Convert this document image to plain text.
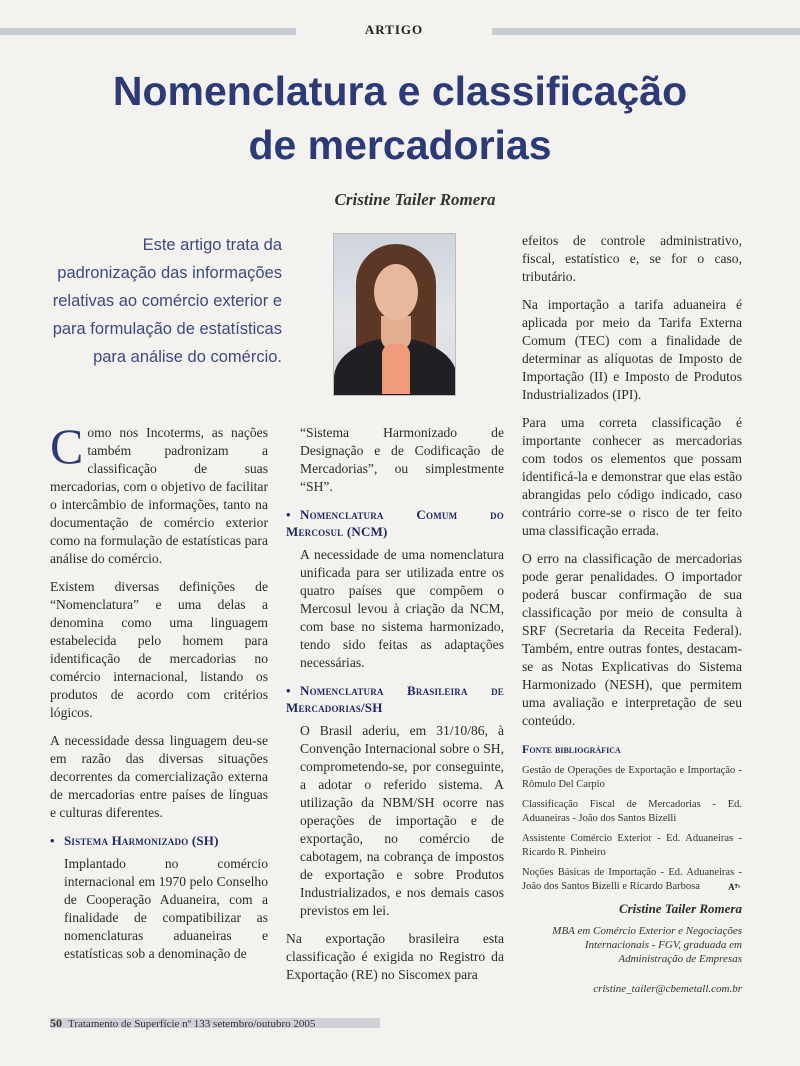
ARTIGO
Nomenclatura e classificação
de mercadorias
Cristine Tailer Romera
Este artigo trata da padronização das informações relativas ao comércio exterior e para formulação de estatísticas para análise do comércio.

Como nos Incoterms, as nações também padronizam a classificação de suas mercadorias, com o objetivo de facilitar o intercâmbio de informações, tanto na documentação de comércio exterior como na formulação de estatísticas para análise do comércio.

Existem diversas definições de “Nomenclatura” e uma delas a denomina como uma linguagem estabelecida pelo homem para identificação de mercadorias no comércio internacional, listando os produtos de acordo com critérios lógicos.

A necessidade dessa linguagem deu-se em razão das diversas situações decorrentes da comercialização externa de mercadorias entre países de línguas e culturas diferentes.

• Sistema Harmonizado (SH)

Implantado no comércio internacional em 1970 pelo Conselho de Cooperação Aduaneira, com a finalidade de compatibilizar as nomenclaturas aduaneiras e estatísticas sob a denominação de

“Sistema Harmonizado de Designação e de Codificação de Mercadorias”, ou simplestmente “SH”.

• Nomenclatura Comum do Mercosul (NCM)

A necessidade de uma nomenclatura unificada para ser utilizada entre os quatro países que compõem o Mercosul levou à criação da NCM, com base no sistema harmonizado, tendo sido feitas as adaptações necessárias.

• Nomenclatura Brasileira de Mercadorias/SH

O Brasil aderiu, em 31/10/86, à Convenção Internacional sobre o SH, comprometendo-se, por conseguinte, a adotar o referido sistema. A utilização da NBM/SH ocorre nas operações de importação e de exportação, no comércio de cabotagem, na cobrança de impostos de exportação e sobre Produtos Industrializados, e nos demais casos previstos em lei.

Na exportação brasileira esta classificação é exigida no Registro da Exportação (RE) no Siscomex para

efeitos de controle administrativo, fiscal, estatístico e, se for o caso, tributário.

Na importação a tarifa aduaneira é aplicada por meio da Tarifa Externa Comum (TEC) com a finalidade de determinar as alíquotas de Imposto de Importação (II) e Imposto de Produtos Industrializados (IPI).

Para uma correta classificação é importante conhecer as mercadorias com todos os elementos que possam identificá-la e demonstrar que elas estão abrangidas pelo código indicado, caso contrário corre-se o risco de ter feito uma classificação errada.

O erro na classificação de mercadorias pode gerar penalidades. O importador poderá buscar confirmação de sua classificação por meio de consulta à SRF (Secretaria da Receita Federal). Também, entre outras fontes, destacam-se as Notas Explicativas do Sistema Harmonizado (NESH), que permitem uma avaliação e interpretação de seu conteúdo.

Fonte bibliográfica
Gestão de Operações de Exportação e Importação - Rômulo Del Carpio
Classificação Fiscal de Mercadorias - Ed. Aduaneiras - João dos Santos Bizelli
Assistente Comércio Exterior - Ed. Aduaneiras - Ricardo R. Pinheiro
Noções Básicas de Importação - Ed. Aduaneiras - João dos Santos Bizelli e Ricardo Barbosa	Aᵀˢ
Cristine Tailer Romera
MBA em Comércio Exterior e Negociações Internacionais - FGV, graduada em Administração de Empresas
cristine_tailer@cbemetall.com.br
50 Tratamento de Superfície nº 133 setembro/outubro 2005
